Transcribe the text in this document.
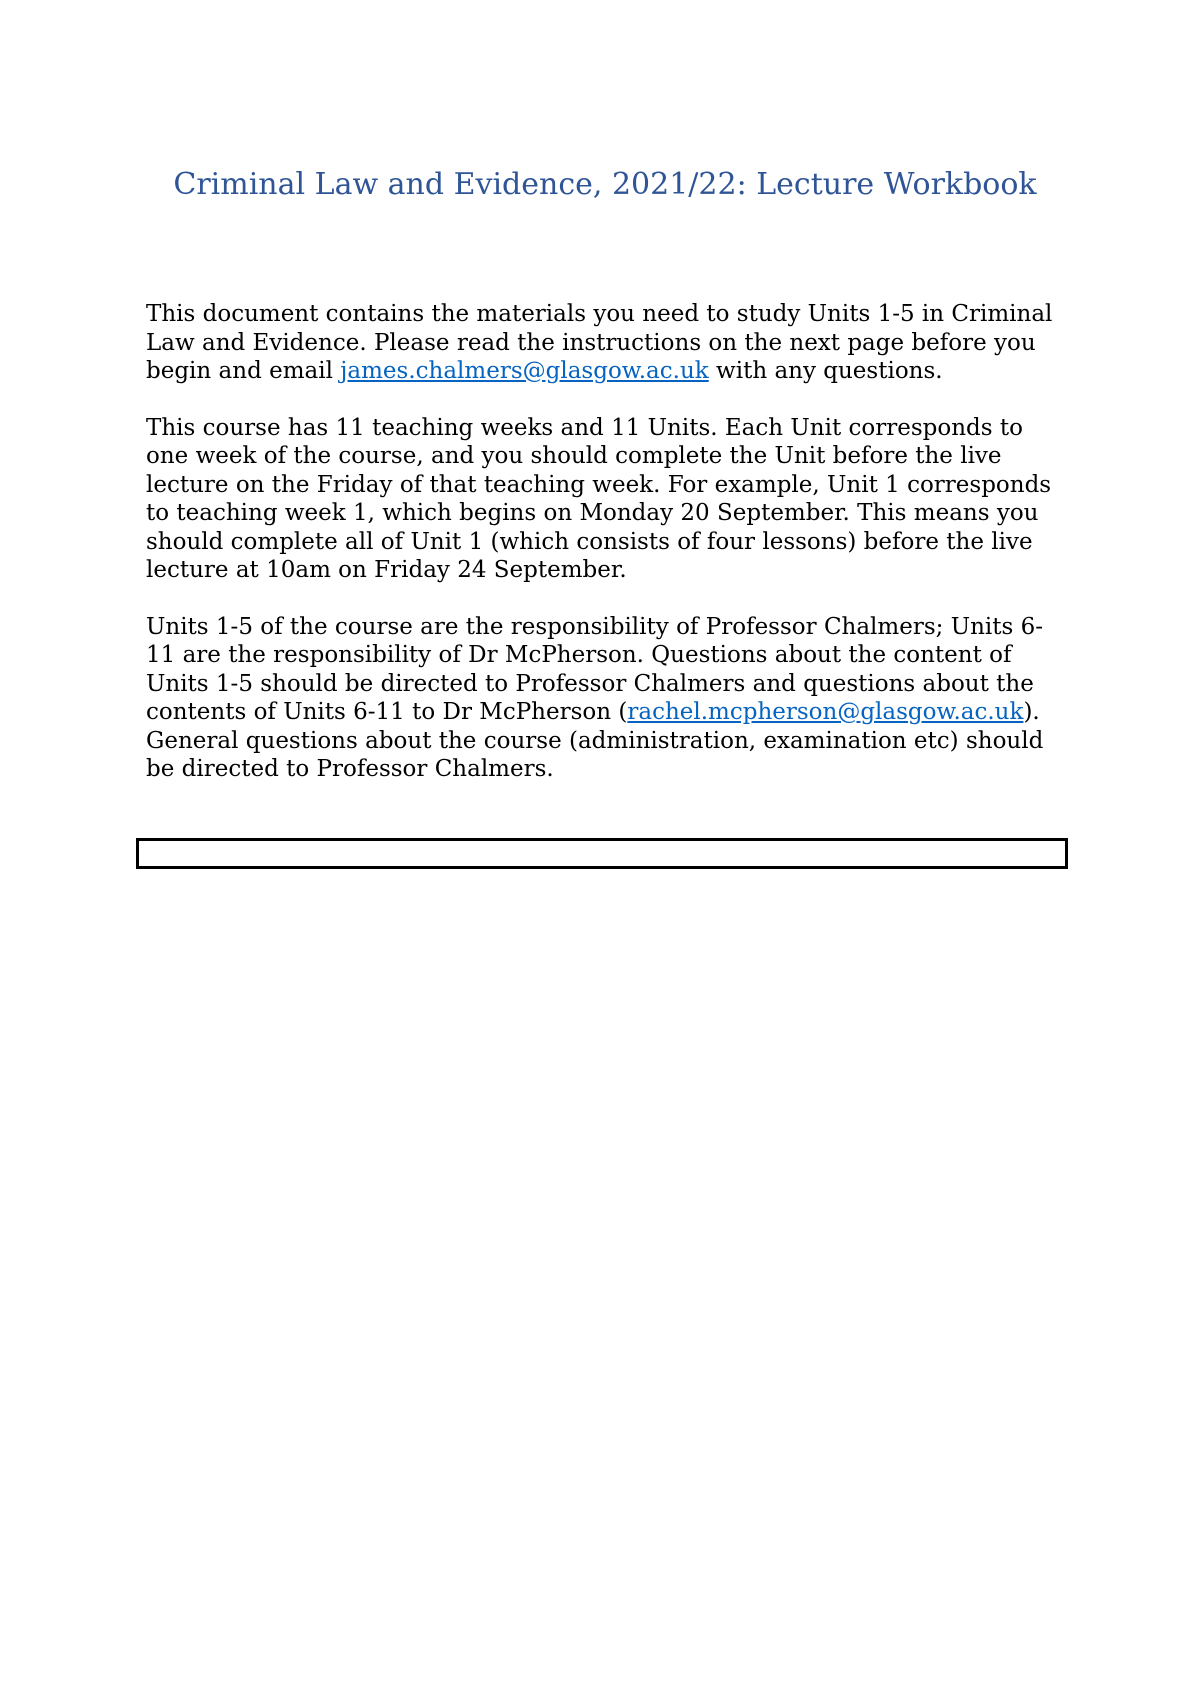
Criminal Law and Evidence, 2021/22: Lecture Workbook

This document contains the materials you need to study Units 1-5 in Criminal Law and Evidence. Please read the instructions on the next page before you begin and email james.chalmers@glasgow.ac.uk with any questions.

This course has 11 teaching weeks and 11 Units. Each Unit corresponds to one week of the course, and you should complete the Unit before the live lecture on the Friday of that teaching week. For example, Unit 1 corresponds to teaching week 1, which begins on Monday 20 September. This means you should complete all of Unit 1 (which consists of four lessons) before the live lecture at 10am on Friday 24 September.

Units 1-5 of the course are the responsibility of Professor Chalmers; Units 6-11 are the responsibility of Dr McPherson. Questions about the content of Units 1-5 should be directed to Professor Chalmers and questions about the contents of Units 6-11 to Dr McPherson (rachel.mcpherson@glasgow.ac.uk). General questions about the course (administration, examination etc) should be directed to Professor Chalmers.
